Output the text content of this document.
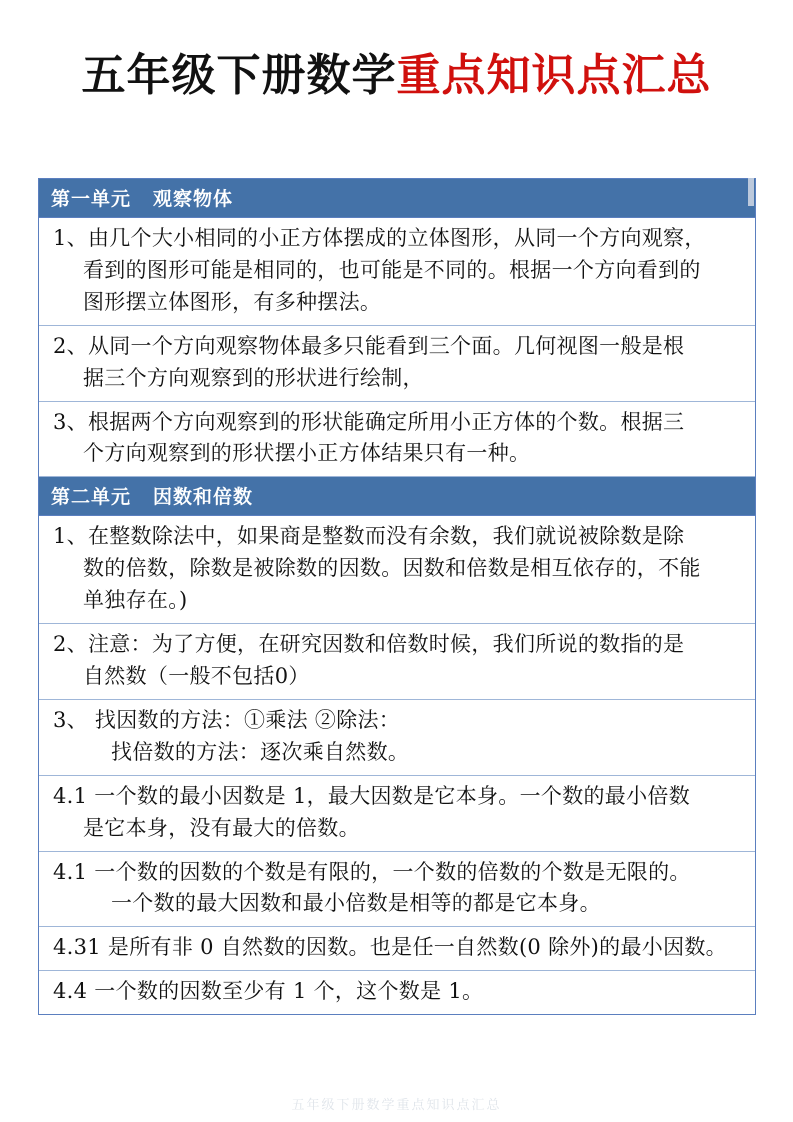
五年级下册数学重点知识点汇总
第一单元 观察物体
1、由几个大小相同的小正方体摆成的立体图形，从同一个方向观察，
看到的图形可能是相同的，也可能是不同的。根据一个方向看到的
图形摆立体图形，有多种摆法。
2、从同一个方向观察物体最多只能看到三个面。几何视图一般是根
据三个方向观察到的形状进行绘制，
3、根据两个方向观察到的形状能确定所用小正方体的个数。根据三
个方向观察到的形状摆小正方体结果只有一种。
第二单元 因数和倍数
1、在整数除法中，如果商是整数而没有余数，我们就说被除数是除
数的倍数，除数是被除数的因数。因数和倍数是相互依存的，不能
单独存在。)
2、注意：为了方便，在研究因数和倍数时候，我们所说的数指的是
自然数（一般不包括0）
3、 找因数的方法：①乘法 ②除法：
找倍数的方法：逐次乘自然数。
4.1 一个数的最小因数是 1，最大因数是它本身。一个数的最小倍数
是它本身，没有最大的倍数。
4.1 一个数的因数的个数是有限的，一个数的倍数的个数是无限的。
一个数的最大因数和最小倍数是相等的都是它本身。
4.31 是所有非 0 自然数的因数。也是任一自然数(0 除外)的最小因数。
4.4 一个数的因数至少有 1 个，这个数是 1。
五年级下册数学重点知识点汇总
